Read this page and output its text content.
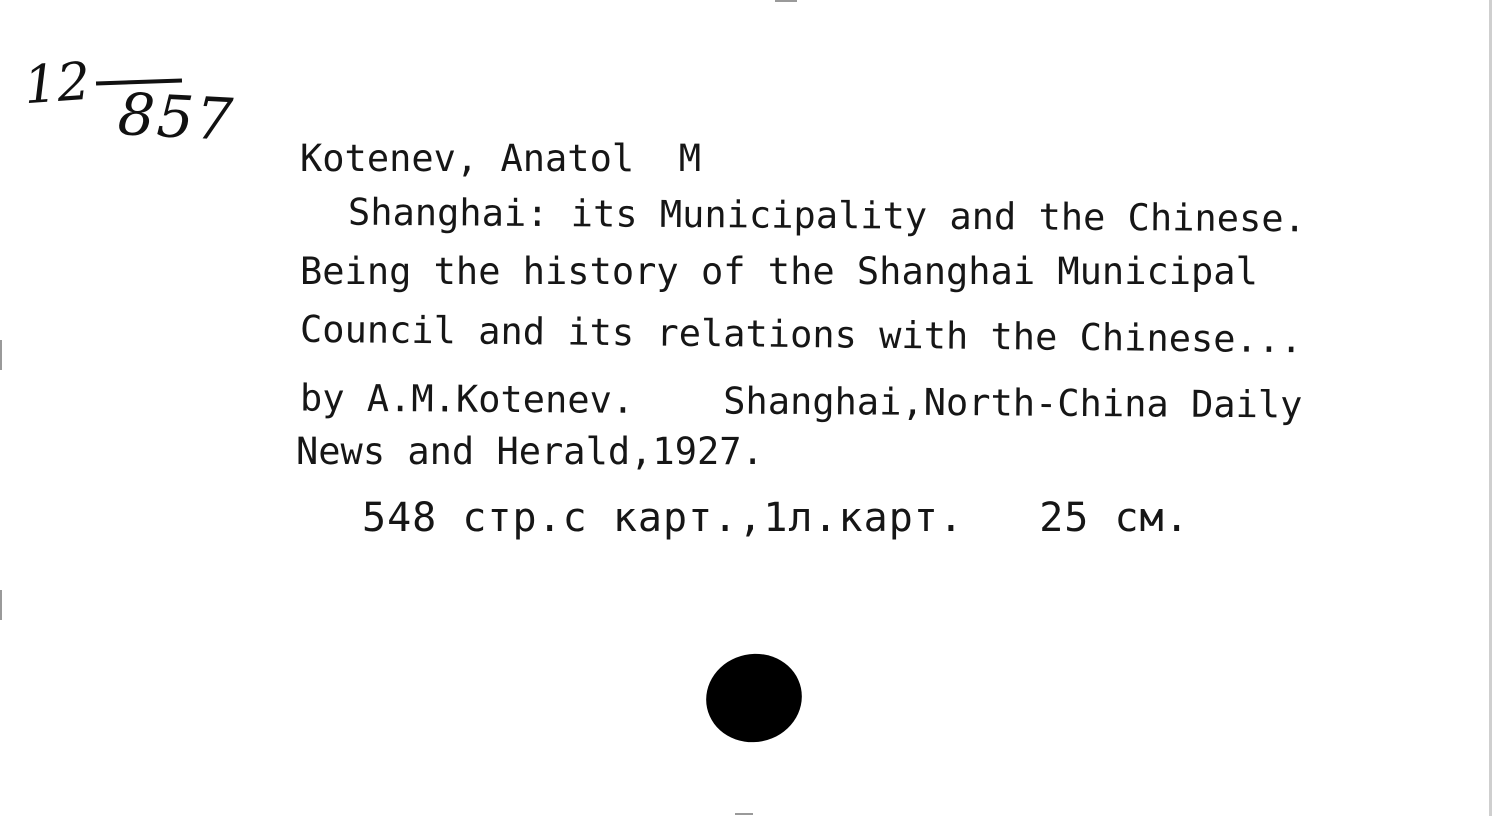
12 857
Kotenev, Anatol  M
Shanghai: its Municipality and the Chinese.
Being the history of the Shanghai Municipal
Council and its relations with the Chinese...
by A.M.Kotenev.    Shanghai,North-China Daily
News and Herald,1927.
548 стр.с карт.,1л.карт.   25 см.
